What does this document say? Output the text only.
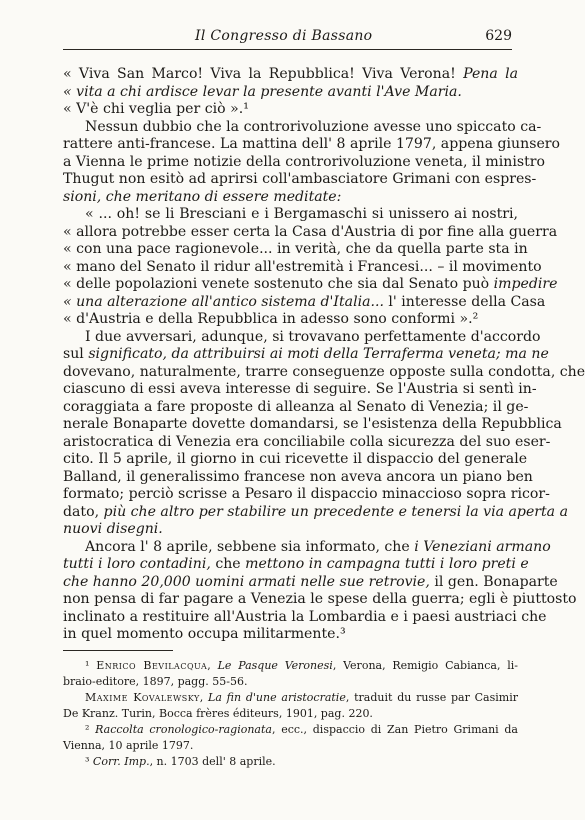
Il Congresso di Bassano	629
« Viva San Marco! Viva la Repubblica! Viva Verona! Pena la
« vita a chi ardisce levar la presente avanti l'Ave Maria.
« V'è chi veglia per ciò ».¹
Nessun dubbio che la controrivoluzione avesse uno spiccato ca-
rattere anti-francese. La mattina dell' 8 aprile 1797, appena giunsero
a Vienna le prime notizie della controrivoluzione veneta, il ministro
Thugut non esitò ad aprirsi coll'ambasciatore Grimani con espres-
sioni, che meritano di essere meditate:
« ... oh! se li Bresciani e i Bergamaschi si unissero ai nostri,
« allora potrebbe esser certa la Casa d'Austria di por fine alla guerra
« con una pace ragionevole... in verità, che da quella parte sta in
« mano del Senato il ridur all'estremità i Francesi... – il movimento
« delle popolazioni venete sostenuto che sia dal Senato può impedire
« una alterazione all'antico sistema d'Italia... l' interesse della Casa
« d'Austria e della Repubblica in adesso sono conformi ».²
I due avversari, adunque, si trovavano perfettamente d'accordo
sul significato, da attribuirsi ai moti della Terraferma veneta; ma ne
dovevano, naturalmente, trarre conseguenze opposte sulla condotta, che
ciascuno di essi aveva interesse di seguire. Se l'Austria si sentì in-
coraggiata a fare proposte di alleanza al Senato di Venezia; il ge-
nerale Bonaparte dovette domandarsi, se l'esistenza della Repubblica
aristocratica di Venezia era conciliabile colla sicurezza del suo eser-
cito. Il 5 aprile, il giorno in cui ricevette il dispaccio del generale
Balland, il generalissimo francese non aveva ancora un piano ben
formato; perciò scrisse a Pesaro il dispaccio minaccioso sopra ricor-
dato, più che altro per stabilire un precedente e tenersi la via aperta a
nuovi disegni.
Ancora l' 8 aprile, sebbene sia informato, che i Veneziani armano
tutti i loro contadini, che mettono in campagna tutti i loro preti e
che hanno 20,000 uomini armati nelle sue retrovie, il gen. Bonaparte
non pensa di far pagare a Venezia le spese della guerra; egli è piuttosto
inclinato a restituire all'Austria la Lombardia e i paesi austriaci che
in quel momento occupa militarmente.³
¹ Enrico Bevilacqua, Le Pasque Veronesi, Verona, Remigio Cabianca, li-
braio-editore, 1897, pagg. 55-56.
Maxime Kovalewsky, La fin d'une aristocratie, traduit du russe par Casimir
De Kranz. Turin, Bocca frères éditeurs, 1901, pag. 220.
² Raccolta cronologico-ragionata, ecc., dispaccio di Zan Pietro Grimani da
Vienna, 10 aprile 1797.
³ Corr. Imp., n. 1703 dell' 8 aprile.
